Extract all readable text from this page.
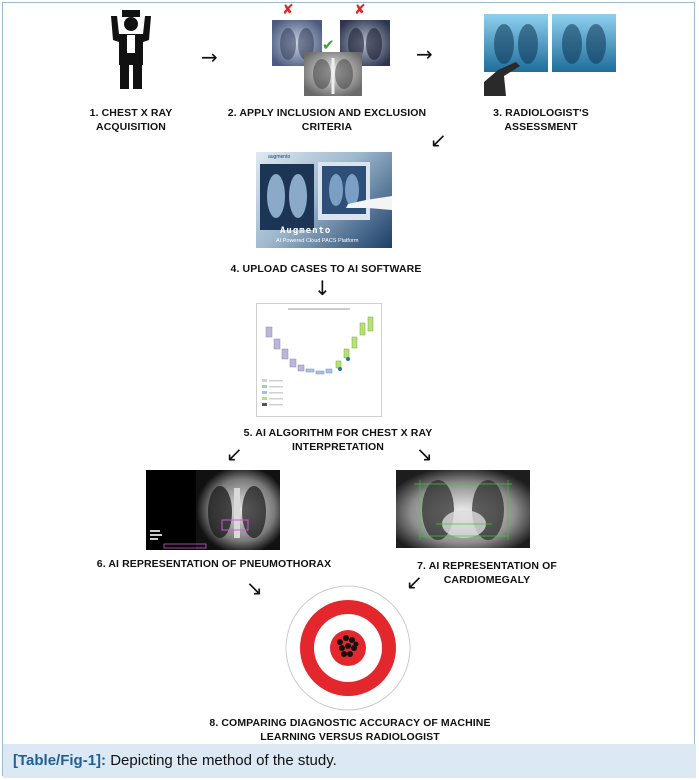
1. CHEST X RAY ACQUISITION
→
✘	✘
✔
2. APPLY INCLUSION AND EXCLUSION CRITERIA
→
3. RADIOLOGIST'S ASSESSMENT
↙
augmento
Augmento
AI Powered Cloud PACS Platform
4. UPLOAD CASES TO AI SOFTWARE
↓
5. AI ALGORITHM FOR CHEST X RAY INTERPRETATION
↙	↘
6. AI REPRESENTATION OF PNEUMOTHORAX	7. AI REPRESENTATION OF CARDIOMEGALY
↘	↙
8. COMPARING DIAGNOSTIC ACCURACY OF MACHINE LEARNING VERSUS RADIOLOGIST
[Table/Fig-1]: Depicting the method of the study.
